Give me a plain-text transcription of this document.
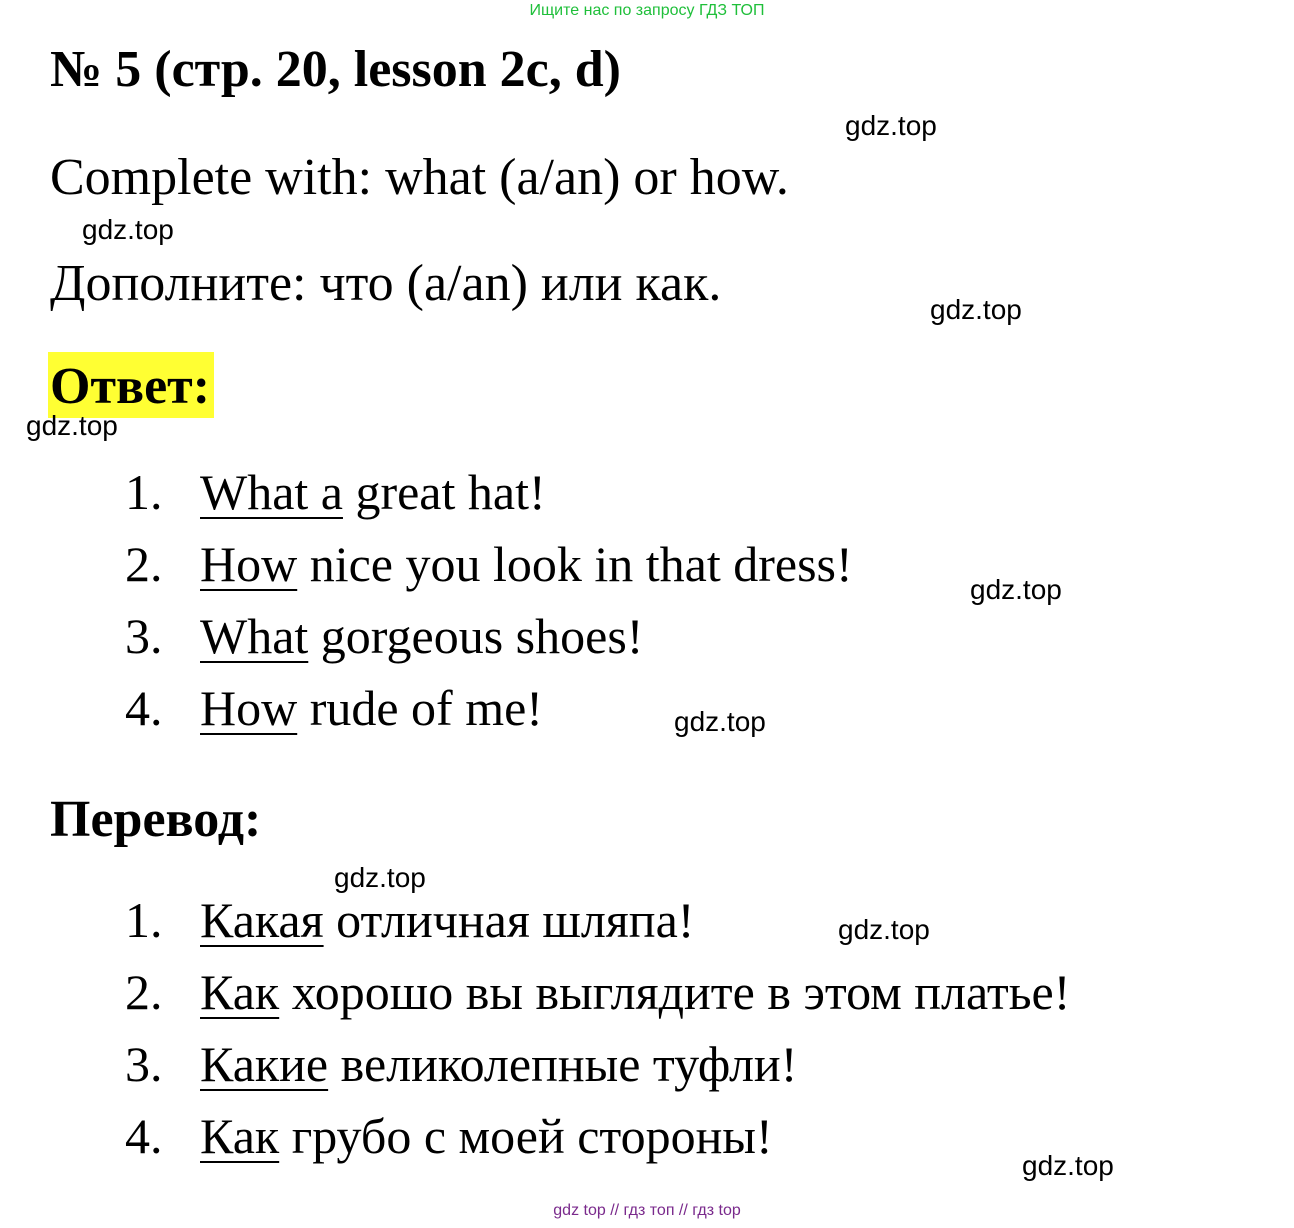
Ищите нас по запросу ГДЗ ТОП
№ 5 (стр. 20, lesson 2c, d)
Complete with: what (a/an) or how.
Дополните: что (a/an) или как.
Ответ:
1. What a great hat!
2. How nice you look in that dress!
3. What gorgeous shoes!
4. How rude of me!
Перевод:
1. Какая отличная шляпа!
2. Как хорошо вы выглядите в этом платье!
3. Какие великолепные туфли!
4. Как грубо с моей стороны!
gdz.top
gdz.top
gdz.top
gdz.top
gdz.top
gdz.top
gdz.top
gdz.top
gdz.top
gdz top // гдз топ // гдз top
